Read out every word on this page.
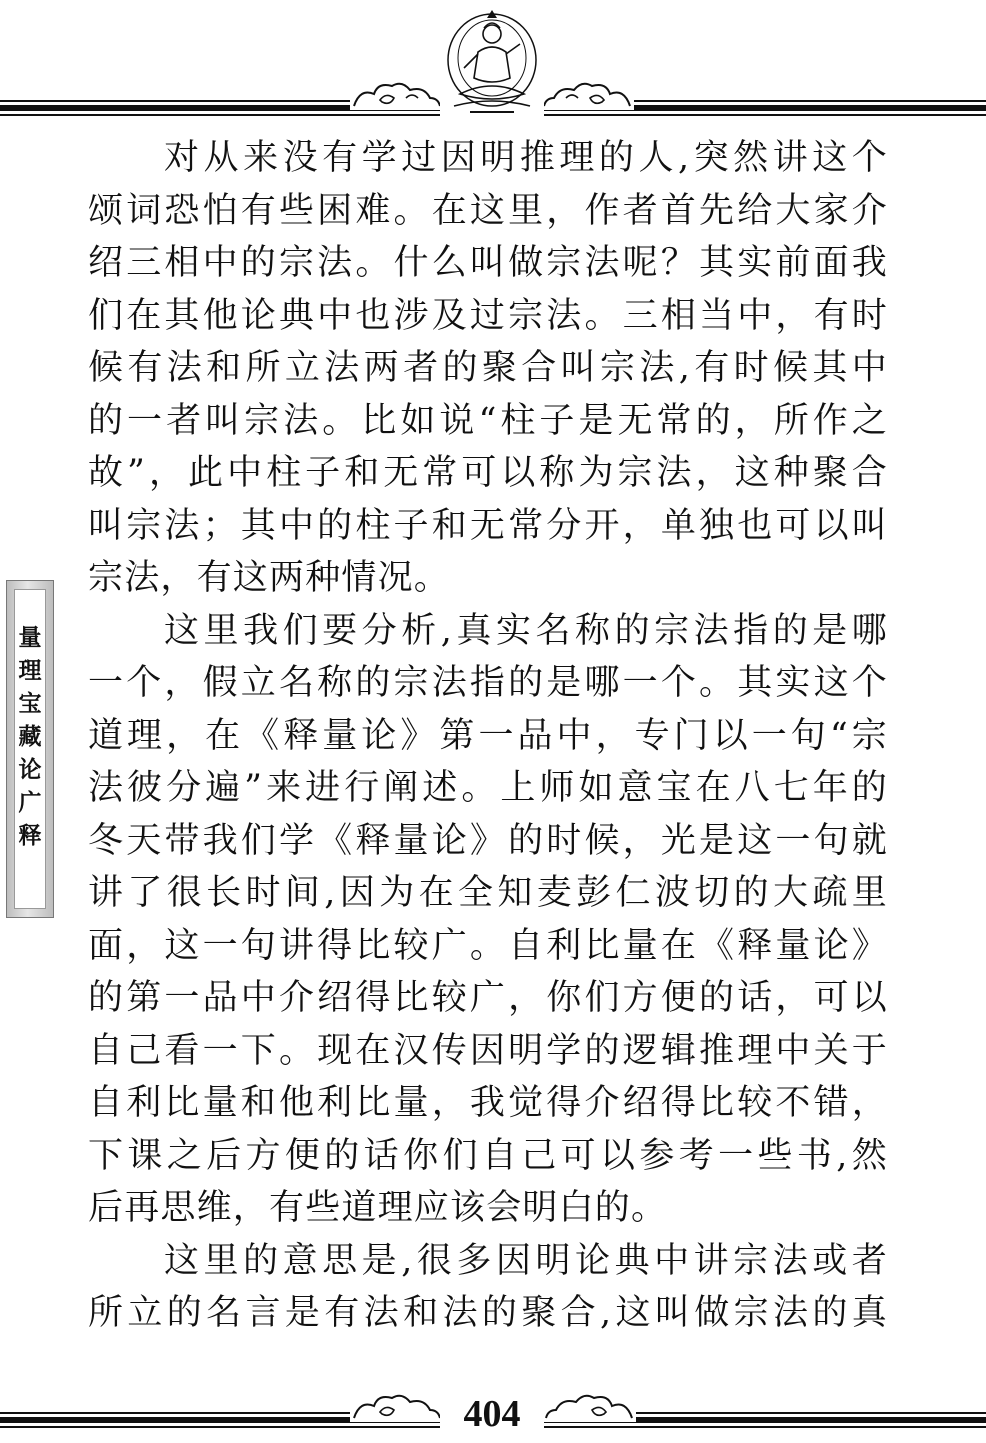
量
理
宝
藏
论
广
释
对从来没有学过因明推理的人,突然讲这个
颂词恐怕有些困难。在这里，作者首先给大家介
绍三相中的宗法。什么叫做宗法呢？其实前面我
们在其他论典中也涉及过宗法。三相当中，有时
候有法和所立法两者的聚合叫宗法,有时候其中
的一者叫宗法。比如说“柱子是无常的，所作之
故”，此中柱子和无常可以称为宗法，这种聚合
叫宗法；其中的柱子和无常分开，单独也可以叫
宗法，有这两种情况。
这里我们要分析,真实名称的宗法指的是哪
一个，假立名称的宗法指的是哪一个。其实这个
道理，在《释量论》第一品中，专门以一句“宗
法彼分遍”来进行阐述。上师如意宝在八七年的
冬天带我们学《释量论》的时候，光是这一句就
讲了很长时间,因为在全知麦彭仁波切的大疏里
面，这一句讲得比较广。自利比量在《释量论》
的第一品中介绍得比较广，你们方便的话，可以
自己看一下。现在汉传因明学的逻辑推理中关于
自利比量和他利比量，我觉得介绍得比较不错，
下课之后方便的话你们自己可以参考一些书,然
后再思维，有些道理应该会明白的。
这里的意思是,很多因明论典中讲宗法或者
所立的名言是有法和法的聚合,这叫做宗法的真
404
